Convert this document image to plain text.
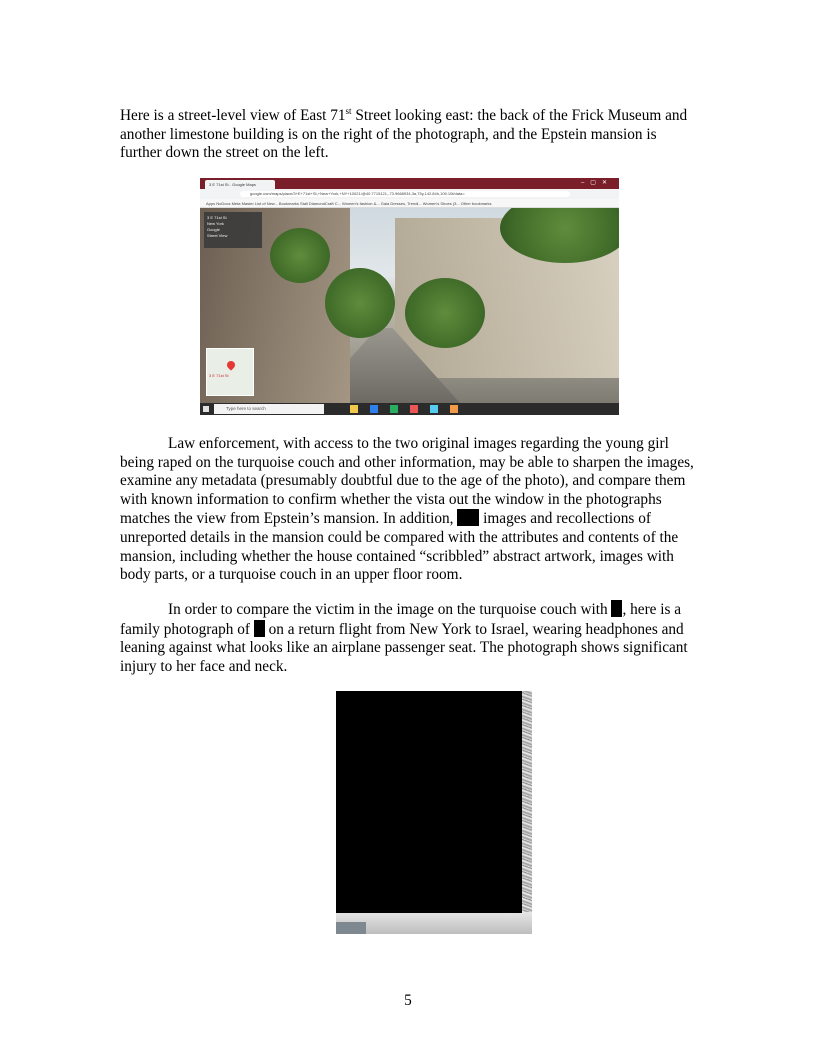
Here is a street-level view of East 71st Street looking east: the back of the Frick Museum and another limestone building is on the right of the photograph, and the Epstein mansion is further down the street on the left.

3 E 71st St - Google Maps	–▢✕
google.com/maps/place/3+E+71st+St,+New+York,+NY+10021/@40.7715121,-73.9668934,3a,75y,142.84h,109.10t/data=
Apps NoDocs Meta Master List of New... Bookmarks Stall DiamondCraft C... Women's fashion &... Gala Dresses, Trendi... Women's Shoes (3... Other bookmarks
3 E 71st St
New York
Google
Street View
3 E 71st St
Type here to search

Law enforcement, with access to the two original images regarding the young girl being raped on the turquoise couch and other information, may be able to sharpen the images, examine any metadata (presumably doubtful due to the age of the photo), and compare them with known information to confirm whether the vista out the window in the photographs matches the view from Epstein’s mansion. In addition,  images and recollections of unreported details in the mansion could be compared with the attributes and contents of the mansion, including whether the house contained “scribbled” abstract artwork, images with body parts, or a turquoise couch in an upper floor room.

In order to compare the victim in the image on the turquoise couch with , here is a family photograph of  on a return flight from New York to Israel, wearing headphones and leaning against what looks like an airplane passenger seat. The photograph shows significant injury to her face and neck.

5
